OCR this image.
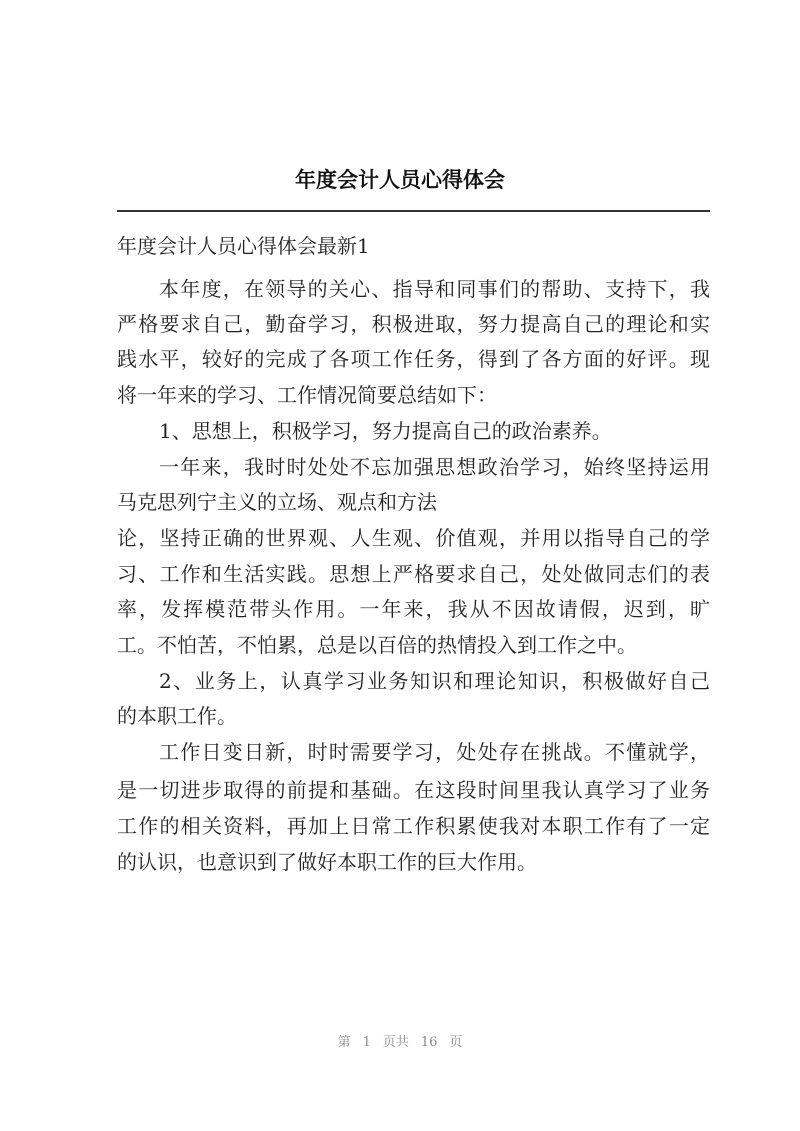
年度会计人员心得体会
年度会计人员心得体会最新1
本年度，在领导的关心、指导和同事们的帮助、支持下，我
严格要求自己，勤奋学习，积极进取，努力提高自己的理论和实
践水平，较好的完成了各项工作任务，得到了各方面的好评。现
将一年来的学习、工作情况简要总结如下：
1、思想上，积极学习，努力提高自己的政治素养。
一年来，我时时处处不忘加强思想政治学习，始终坚持运用
马克思列宁主义的立场、观点和方法
论，坚持正确的世界观、人生观、价值观，并用以指导自己的学
习、工作和生活实践。思想上严格要求自己，处处做同志们的表
率，发挥模范带头作用。一年来，我从不因故请假，迟到，旷
工。不怕苦，不怕累，总是以百倍的热情投入到工作之中。
2、业务上，认真学习业务知识和理论知识，积极做好自己
的本职工作。
工作日变日新，时时需要学习，处处存在挑战。不懂就学，
是一切进步取得的前提和基础。在这段时间里我认真学习了业务
工作的相关资料，再加上日常工作积累使我对本职工作有了一定
的认识，也意识到了做好本职工作的巨大作用。
第 1 页共 16 页
